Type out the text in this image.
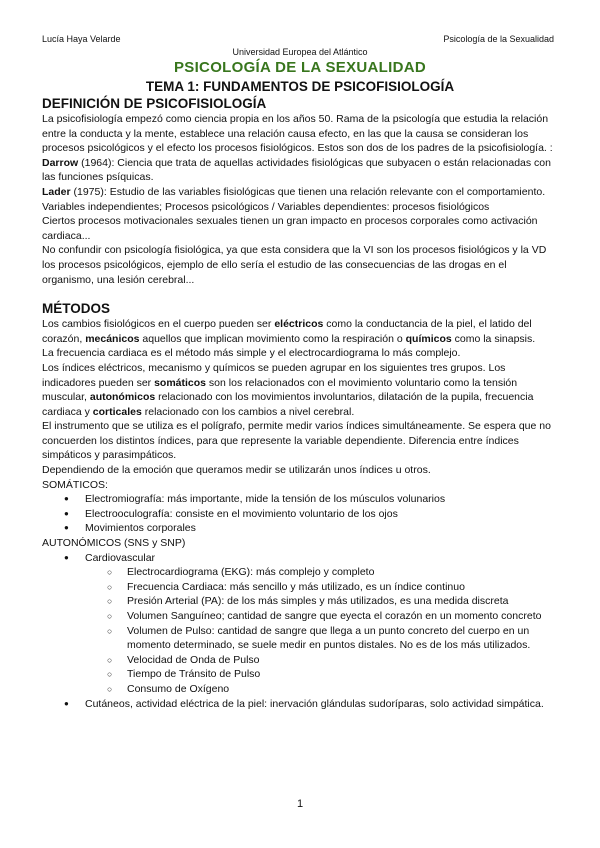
Lucía Haya Velarde	Psicología de la Sexualidad
Universidad Europea del Atlántico
PSICOLOGÍA DE LA SEXUALIDAD
TEMA 1: FUNDAMENTOS DE PSICOFISIOLOGÍA
DEFINICIÓN DE PSICOFISIOLOGÍA

La psicofisiología empezó como ciencia propia en los años 50. Rama de la psicología que estudia la relación entre la conducta y la mente, establece una relación causa efecto, en las que la causa se consideran los procesos psicológicos y el efecto los procesos fisiológicos. Estos son dos de los padres de la psicofisiología. :

Darrow (1964): Ciencia que trata de aquellas actividades fisiológicas que subyacen o están relacionadas con las funciones psíquicas.

Lader (1975): Estudio de las variables fisiológicas que tienen una relación relevante con el comportamiento.

Variables independientes; Procesos psicológicos / Variables dependientes: procesos fisiológicos

Ciertos procesos motivacionales sexuales tienen un gran impacto en procesos corporales como activación cardiaca...

No confundir con psicología fisiológica, ya que esta considera que la VI son los procesos fisiológicos y la VD los procesos psicológicos, ejemplo de ello sería el estudio de las consecuencias de las drogas en el organismo, una lesión cerebral...

MÉTODOS

Los cambios fisiológicos en el cuerpo pueden ser eléctricos como la conductancia de la piel, el latido del corazón, mecánicos aquellos que implican movimiento como la respiración o químicos como la sinapsis.

La frecuencia cardiaca es el método más simple y el electrocardiograma lo más complejo.

Los índices eléctricos, mecanismo y químicos se pueden agrupar en los siguientes tres grupos. Los indicadores pueden ser somáticos son los relacionados con el movimiento voluntario como la tensión muscular, autonómicos relacionado con los movimientos involuntarios, dilatación de la pupila, frecuencia cardiaca y corticales relacionado con los cambios a nivel cerebral.

El instrumento que se utiliza es el polígrafo, permite medir varios índices simultáneamente. Se espera que no concuerden los distintos índices, para que represente la variable dependiente. Diferencia entre índices simpáticos y parasimpáticos.

Dependiendo de la emoción que queramos medir se utilizarán unos índices u otros.

SOMÁTICOS:
● Electromiografía: más importante, mide la tensión de los músculos volunarios
● Electrooculografía: consiste en el movimiento voluntario de los ojos
● Movimientos corporales
AUTONÓMICOS (SNS y SNP)
● Cardiovascular
○ Electrocardiograma (EKG): más complejo y completo
○ Frecuencia Cardiaca: más sencillo y más utilizado, es un índice continuo
○ Presión Arterial (PA): de los más simples y más utilizados, es una medida discreta
○ Volumen Sanguíneo; cantidad de sangre que eyecta el corazón en un momento concreto
○ Volumen de Pulso: cantidad de sangre que llega a un punto concreto del cuerpo en un momento determinado, se suele medir en puntos distales. No es de los más utilizados.
○ Velocidad de Onda de Pulso
○ Tiempo de Tránsito de Pulso
○ Consumo de Oxígeno
● Cutáneos, actividad eléctrica de la piel: inervación glándulas sudoríparas, solo actividad simpática.
1
